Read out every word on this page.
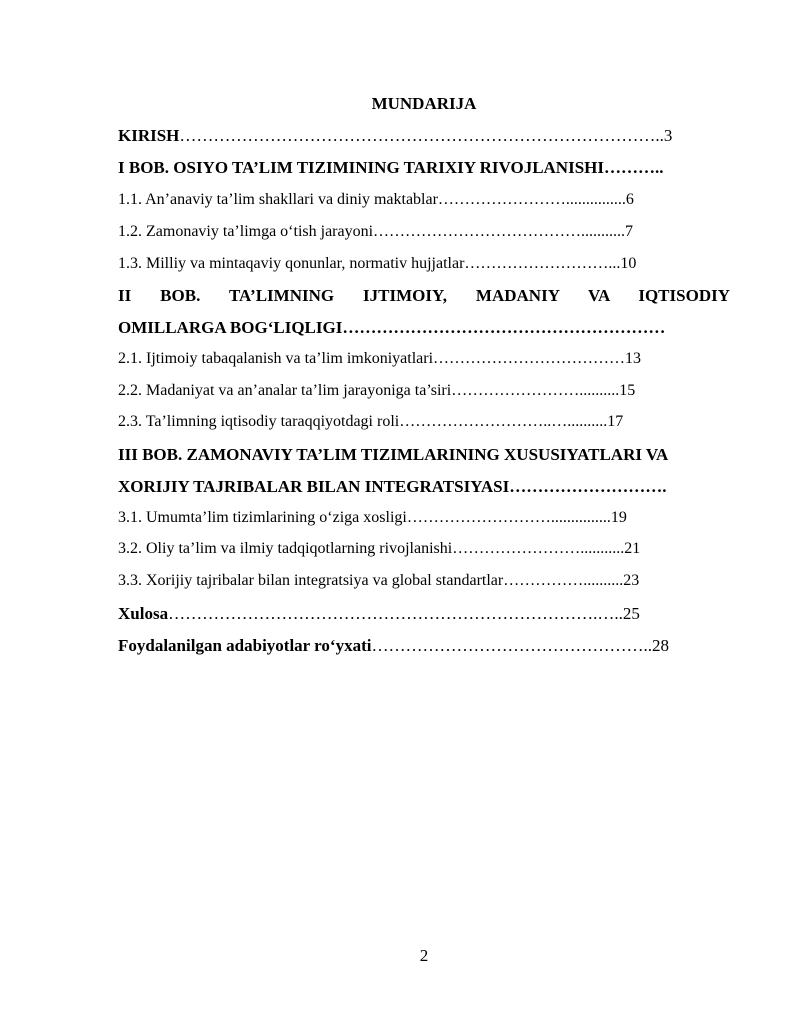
MUNDARIJA
KIRISH…………………………………………………………………………..3
I BOB. OSIYO TA’LIM TIZIMINING TARIXIY RIVOJLANISHI………..
1.1. An’anaviy ta’lim shakllari va diniy maktablar……………………...............6
1.2. Zamonaviy ta’limga o‘tish jarayoni…………………………………...........7
1.3. Milliy va mintaqaviy qonunlar, normativ hujjatlar………………………...10
II BOB. TA’LIMNING IJTIMOIY, MADANIY VA IQTISODIY
OMILLARGA BOG‘LIQLIGI…………………………………………………
2.1. Ijtimoiy tabaqalanish va ta’lim imkoniyatlari………………………………13
2.2. Madaniyat va an’analar ta’lim jarayoniga ta’siri……………………..........15
2.3. Ta’limning iqtisodiy taraqqiyotdagi roli………………………..…..........17
III BOB. ZAMONAVIY TA’LIM TIZIMLARINING XUSUSIYATLARI VA
XORIJIY TAJRIBALAR BILAN INTEGRATSIYASI……………………….
3.1. Umumta’lim tizimlarining o‘ziga xosligi………………………...............19
3.2. Oliy ta’lim va ilmiy tadqiqotlarning rivojlanishi……………………...........21
3.3. Xorijiy tajribalar bilan integratsiya va global standartlar……………..........23
Xulosa………………………………………………………………….…..25
Foydalanilgan adabiyotlar ro‘yxati…………………………………………..28
2
